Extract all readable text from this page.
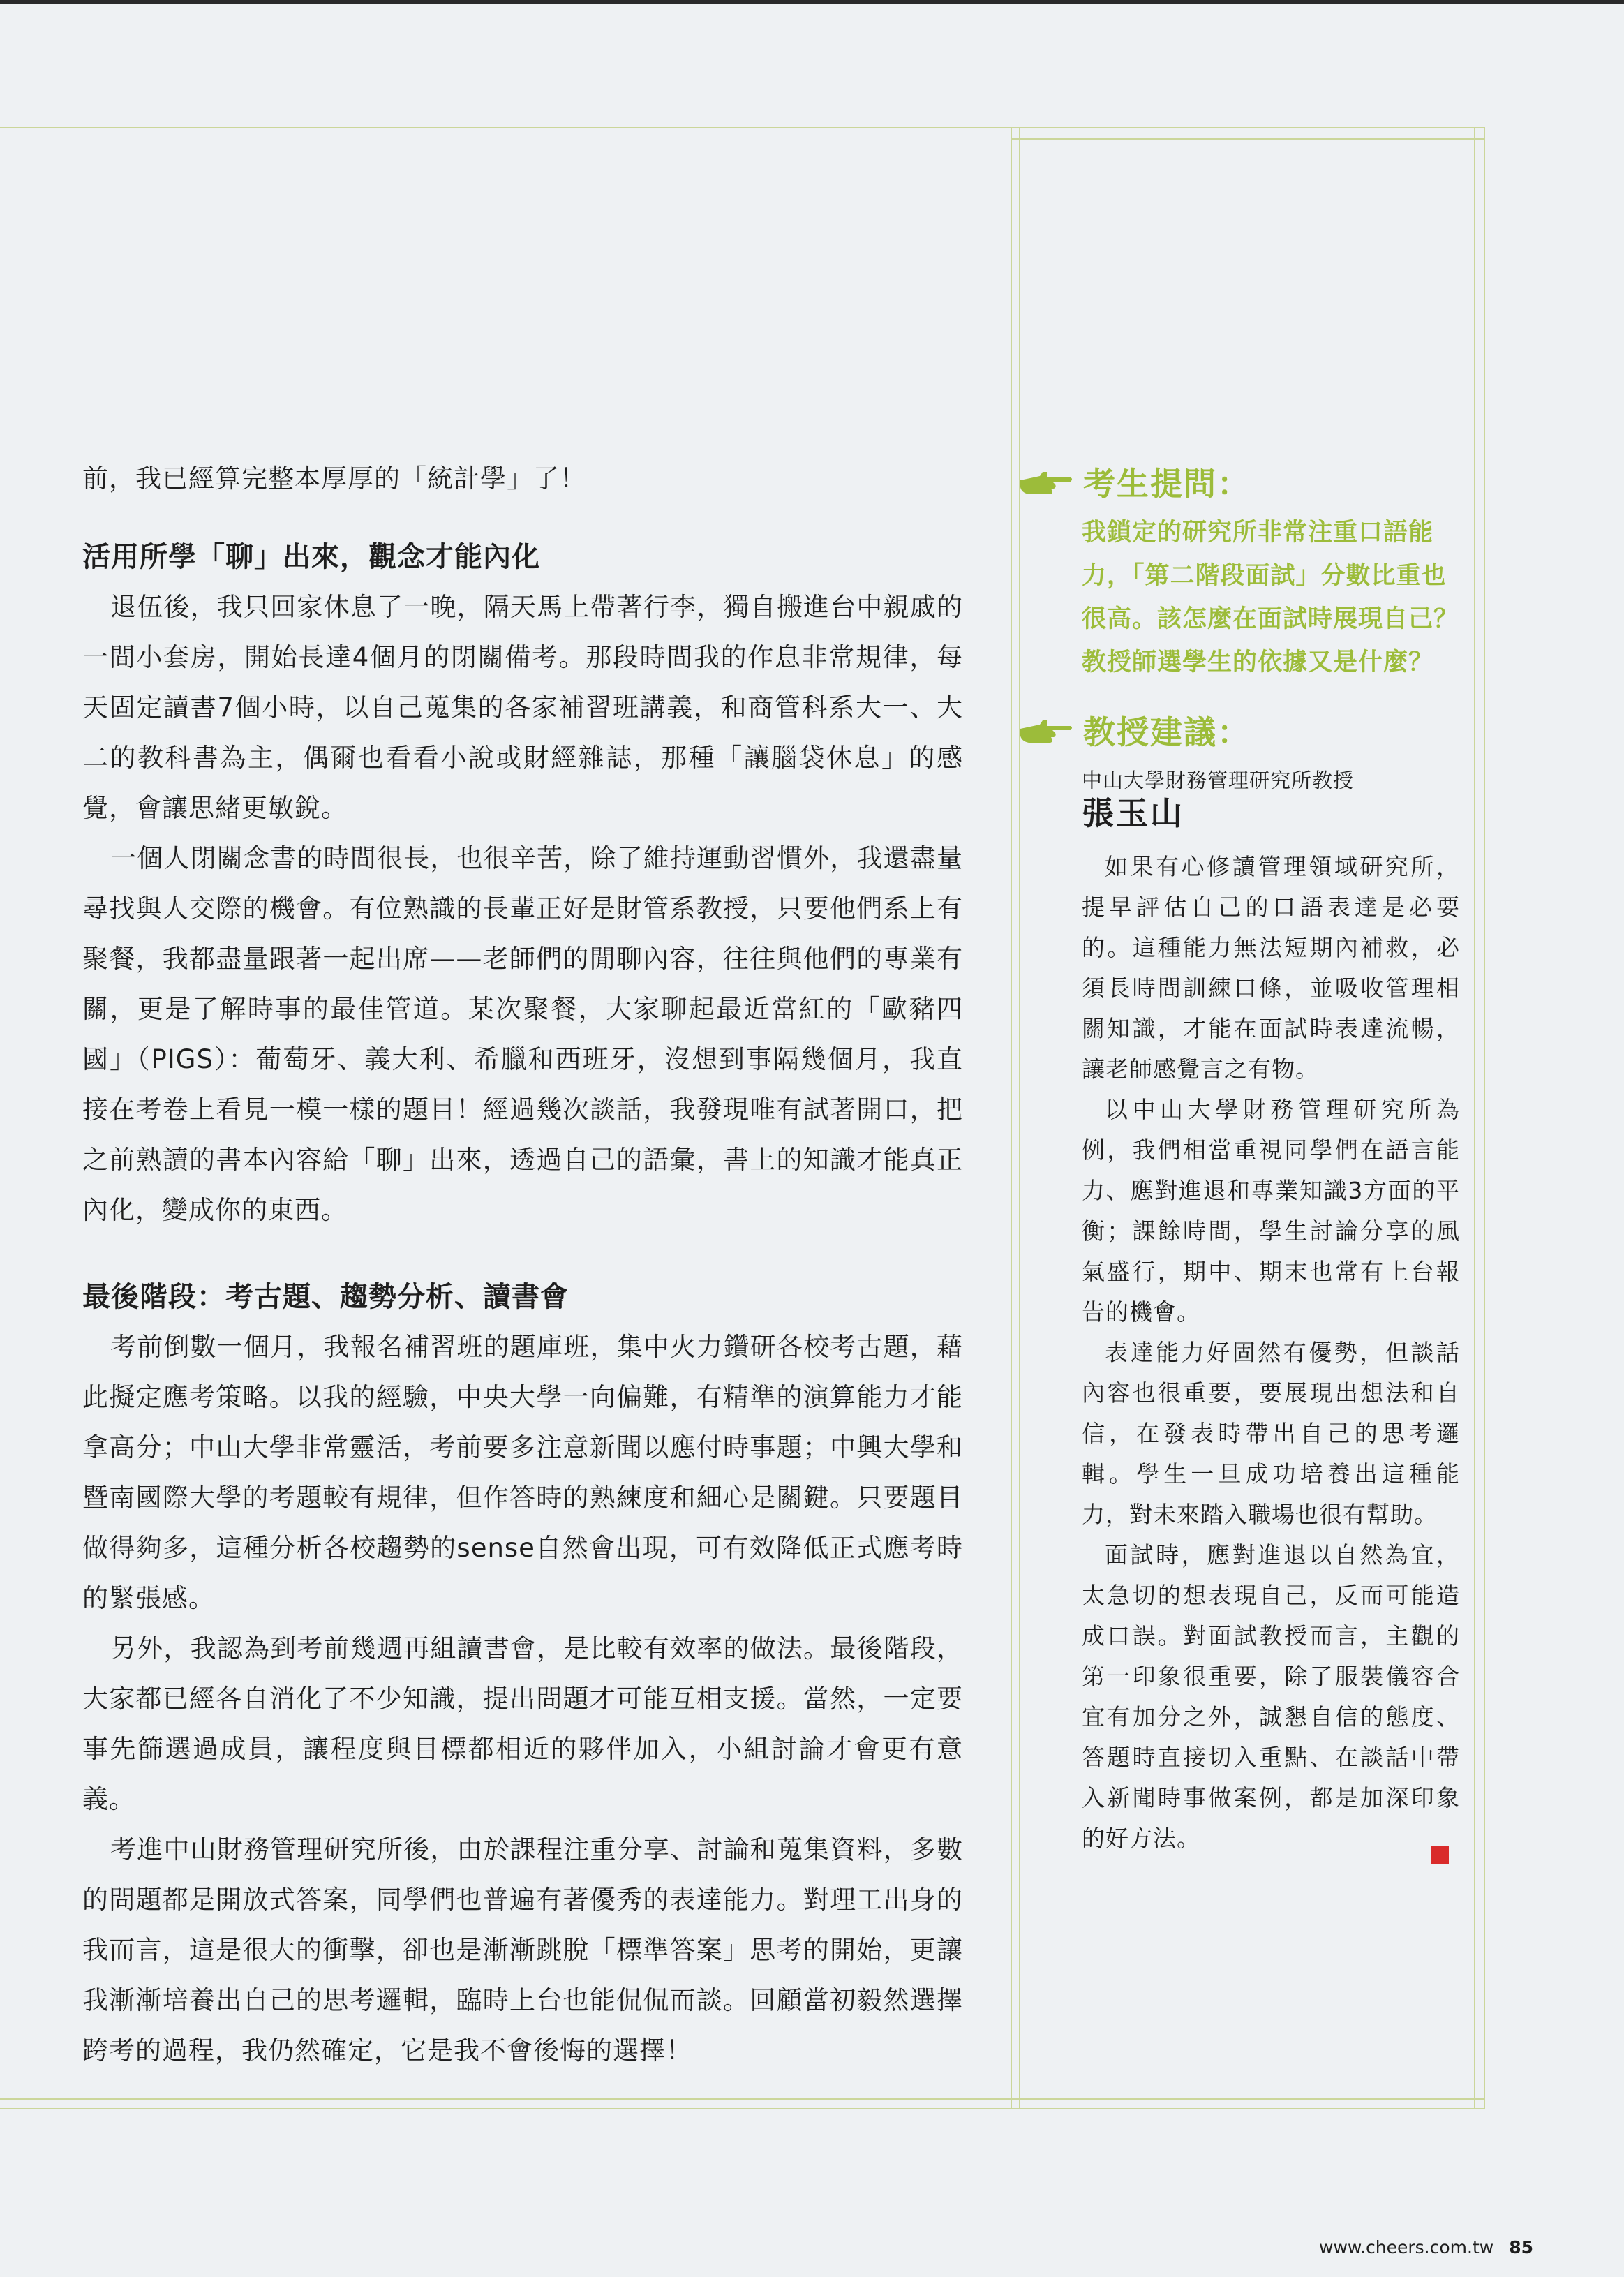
前，我已經算完整本厚厚的「統計學」了！

活用所學「聊」出來，觀念才能內化

退伍後，我只回家休息了一晚，隔天馬上帶著行李，獨自搬進台中親戚的一間小套房，開始長達4個月的閉關備考。那段時間我的作息非常規律，每天固定讀書7個小時，以自己蒐集的各家補習班講義，和商管科系大一、大二的教科書為主，偶爾也看看小說或財經雜誌，那種「讓腦袋休息」的感覺，會讓思緒更敏銳。

一個人閉關念書的時間很長，也很辛苦，除了維持運動習慣外，我還盡量尋找與人交際的機會。有位熟識的長輩正好是財管系教授，只要他們系上有聚餐，我都盡量跟著一起出席——老師們的閒聊內容，往往與他們的專業有關，更是了解時事的最佳管道。某次聚餐，大家聊起最近當紅的「歐豬四國」（PIGS）：葡萄牙、義大利、希臘和西班牙，沒想到事隔幾個月，我直接在考卷上看見一模一樣的題目！經過幾次談話，我發現唯有試著開口，把之前熟讀的書本內容給「聊」出來，透過自己的語彙，書上的知識才能真正內化，變成你的東西。

最後階段：考古題、趨勢分析、讀書會

考前倒數一個月，我報名補習班的題庫班，集中火力鑽研各校考古題，藉此擬定應考策略。以我的經驗，中央大學一向偏難，有精準的演算能力才能拿高分；中山大學非常靈活，考前要多注意新聞以應付時事題；中興大學和暨南國際大學的考題較有規律，但作答時的熟練度和細心是關鍵。只要題目做得夠多，這種分析各校趨勢的sense自然會出現，可有效降低正式應考時的緊張感。

另外，我認為到考前幾週再組讀書會，是比較有效率的做法。最後階段，大家都已經各自消化了不少知識，提出問題才可能互相支援。當然，一定要事先篩選過成員，讓程度與目標都相近的夥伴加入，小組討論才會更有意義。

考進中山財務管理研究所後，由於課程注重分享、討論和蒐集資料，多數的問題都是開放式答案，同學們也普遍有著優秀的表達能力。對理工出身的我而言，這是很大的衝擊，卻也是漸漸跳脫「標準答案」思考的開始，更讓我漸漸培養出自己的思考邏輯，臨時上台也能侃侃而談。回顧當初毅然選擇跨考的過程，我仍然確定，它是我不會後悔的選擇！

考生提問：

我鎖定的研究所非常注重口語能力，「第二階段面試」分數比重也很高。該怎麼在面試時展現自己？教授師選學生的依據又是什麼？

教授建議：

中山大學財務管理研究所教授

張玉山

如果有心修讀管理領域研究所，提早評估自己的口語表達是必要的。這種能力無法短期內補救，必須長時間訓練口條，並吸收管理相關知識，才能在面試時表達流暢，讓老師感覺言之有物。

以中山大學財務管理研究所為例，我們相當重視同學們在語言能力、應對進退和專業知識3方面的平衡；課餘時間，學生討論分享的風氣盛行，期中、期末也常有上台報告的機會。

表達能力好固然有優勢，但談話內容也很重要，要展現出想法和自信，在發表時帶出自己的思考邏輯。學生一旦成功培養出這種能力，對未來踏入職場也很有幫助。

面試時，應對進退以自然為宜，太急切的想表現自己，反而可能造成口誤。對面試教授而言，主觀的第一印象很重要，除了服裝儀容合宜有加分之外，誠懇自信的態度、答題時直接切入重點、在談話中帶入新聞時事做案例，都是加深印象的好方法。

www.cheers.com.tw 85
